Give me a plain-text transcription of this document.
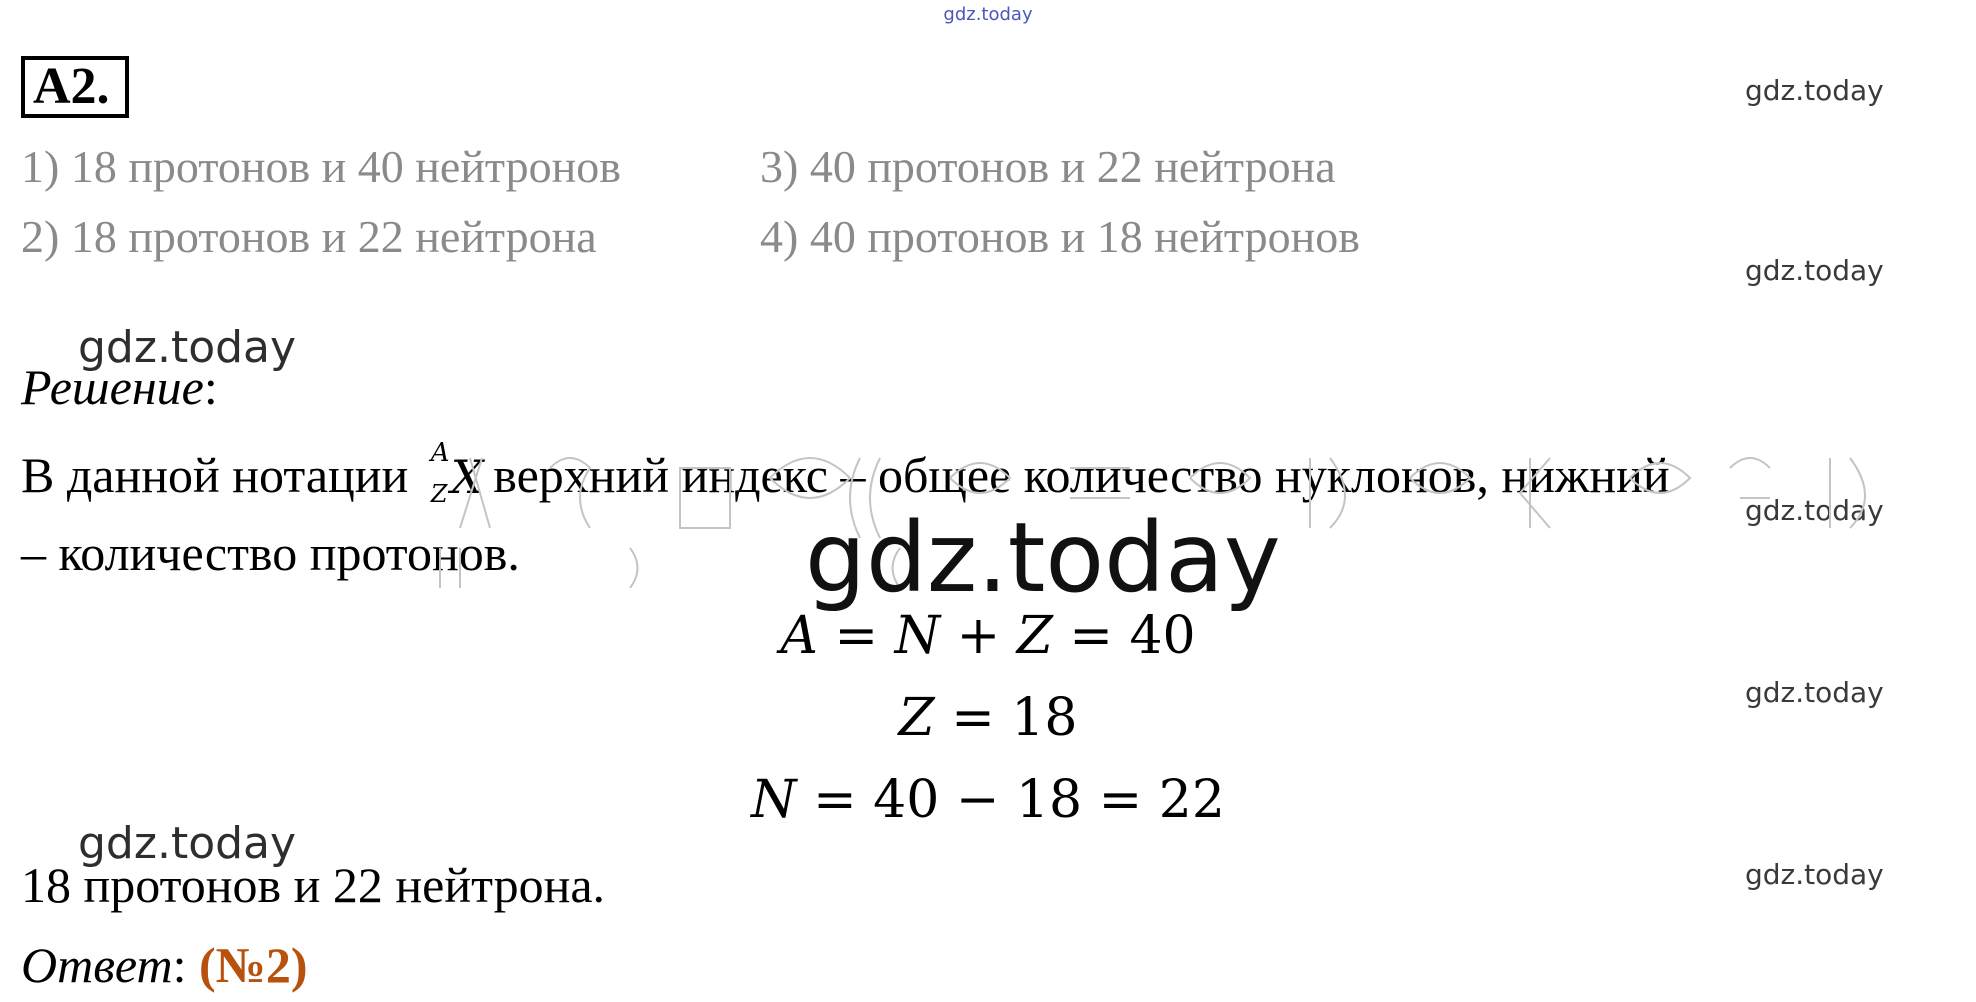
gdz.today
gdz.today
gdz.today
gdz.today
gdz.today
gdz.today
A2.
1) 18 протонов и 40 нейтронов
2) 18 протонов и 22 нейтрона
3) 40 протонов и 22 нейтрона
4) 40 протонов и 18 нейтронов
gdz.today
Решение:
В данной нотации A
Z X
верхний индекс – общее количество нуклонов, нижний
– количество протонов.	gdz.today
A = N + Z = 40
Z = 18
N = 40 − 18 = 22
gdz.today
18 протонов и 22 нейтрона.
Ответ: (№2)
